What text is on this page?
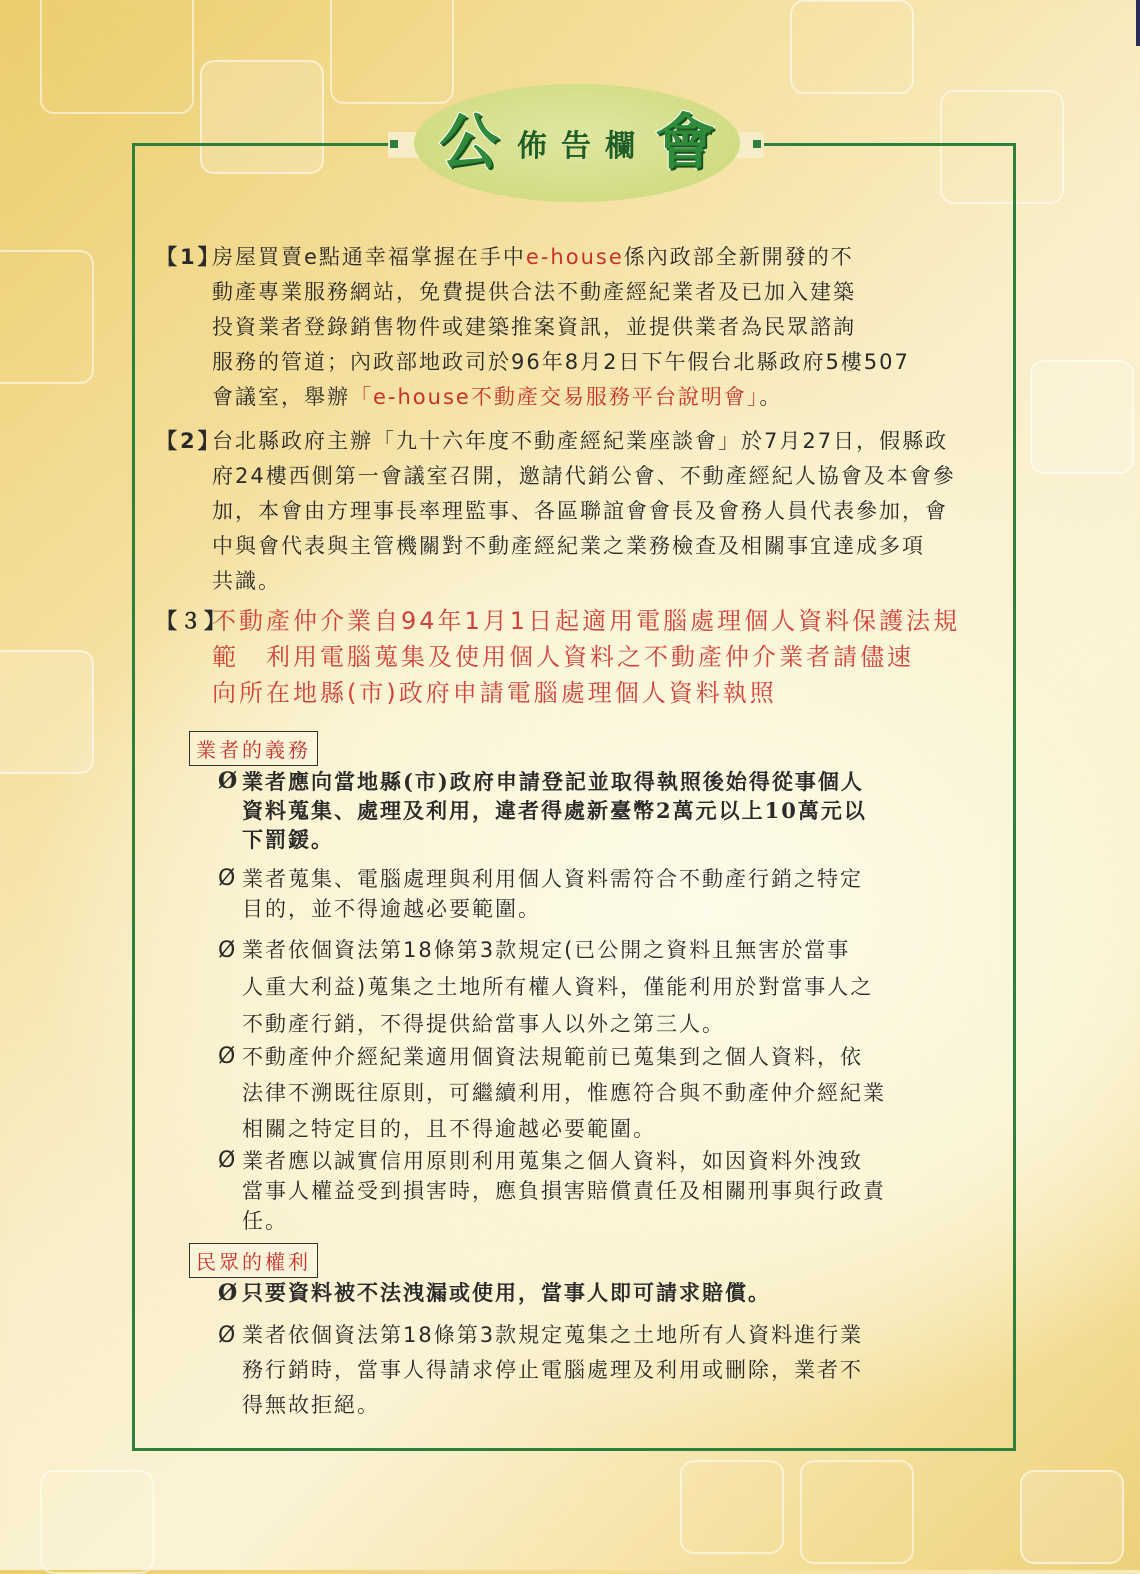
公 佈告欄 會
【1】
房屋買賣e點通幸福掌握在手中e-house係內政部全新開發的不
動產專業服務網站，免費提供合法不動產經紀業者及已加入建築
投資業者登錄銷售物件或建築推案資訊，並提供業者為民眾諮詢
服務的管道；內政部地政司於96年8月2日下午假台北縣政府5樓507
會議室，舉辦「e-house不動產交易服務平台說明會」。
【2】
台北縣政府主辦「九十六年度不動產經紀業座談會」於7月27日，假縣政
府24樓西側第一會議室召開，邀請代銷公會、不動產經紀人協會及本會參
加，本會由方理事長率理監事、各區聯誼會會長及會務人員代表參加，會
中與會代表與主管機關對不動產經紀業之業務檢查及相關事宜達成多項
共識。
【３】
不動產仲介業自94年1月1日起適用電腦處理個人資料保護法規
範　利用電腦蒐集及使用個人資料之不動產仲介業者請儘速
向所在地縣(市)政府申請電腦處理個人資料執照
業者的義務
Ø 業者應向當地縣(市)政府申請登記並取得執照後始得從事個人
資料蒐集、處理及利用，違者得處新臺幣2萬元以上10萬元以
下罰鍰。
Ø 業者蒐集、電腦處理與利用個人資料需符合不動產行銷之特定
目的，並不得逾越必要範圍。
Ø 業者依個資法第18條第3款規定(已公開之資料且無害於當事
人重大利益)蒐集之土地所有權人資料，僅能利用於對當事人之
不動產行銷，不得提供給當事人以外之第三人。
Ø 不動產仲介經紀業適用個資法規範前已蒐集到之個人資料，依
法律不溯既往原則，可繼續利用，惟應符合與不動產仲介經紀業
相關之特定目的，且不得逾越必要範圍。
Ø 業者應以誠實信用原則利用蒐集之個人資料，如因資料外洩致
當事人權益受到損害時，應負損害賠償責任及相關刑事與行政責
任。
民眾的權利
Ø 只要資料被不法洩漏或使用，當事人即可請求賠償。
Ø 業者依個資法第18條第3款規定蒐集之土地所有人資料進行業
務行銷時，當事人得請求停止電腦處理及利用或刪除，業者不
得無故拒絕。
